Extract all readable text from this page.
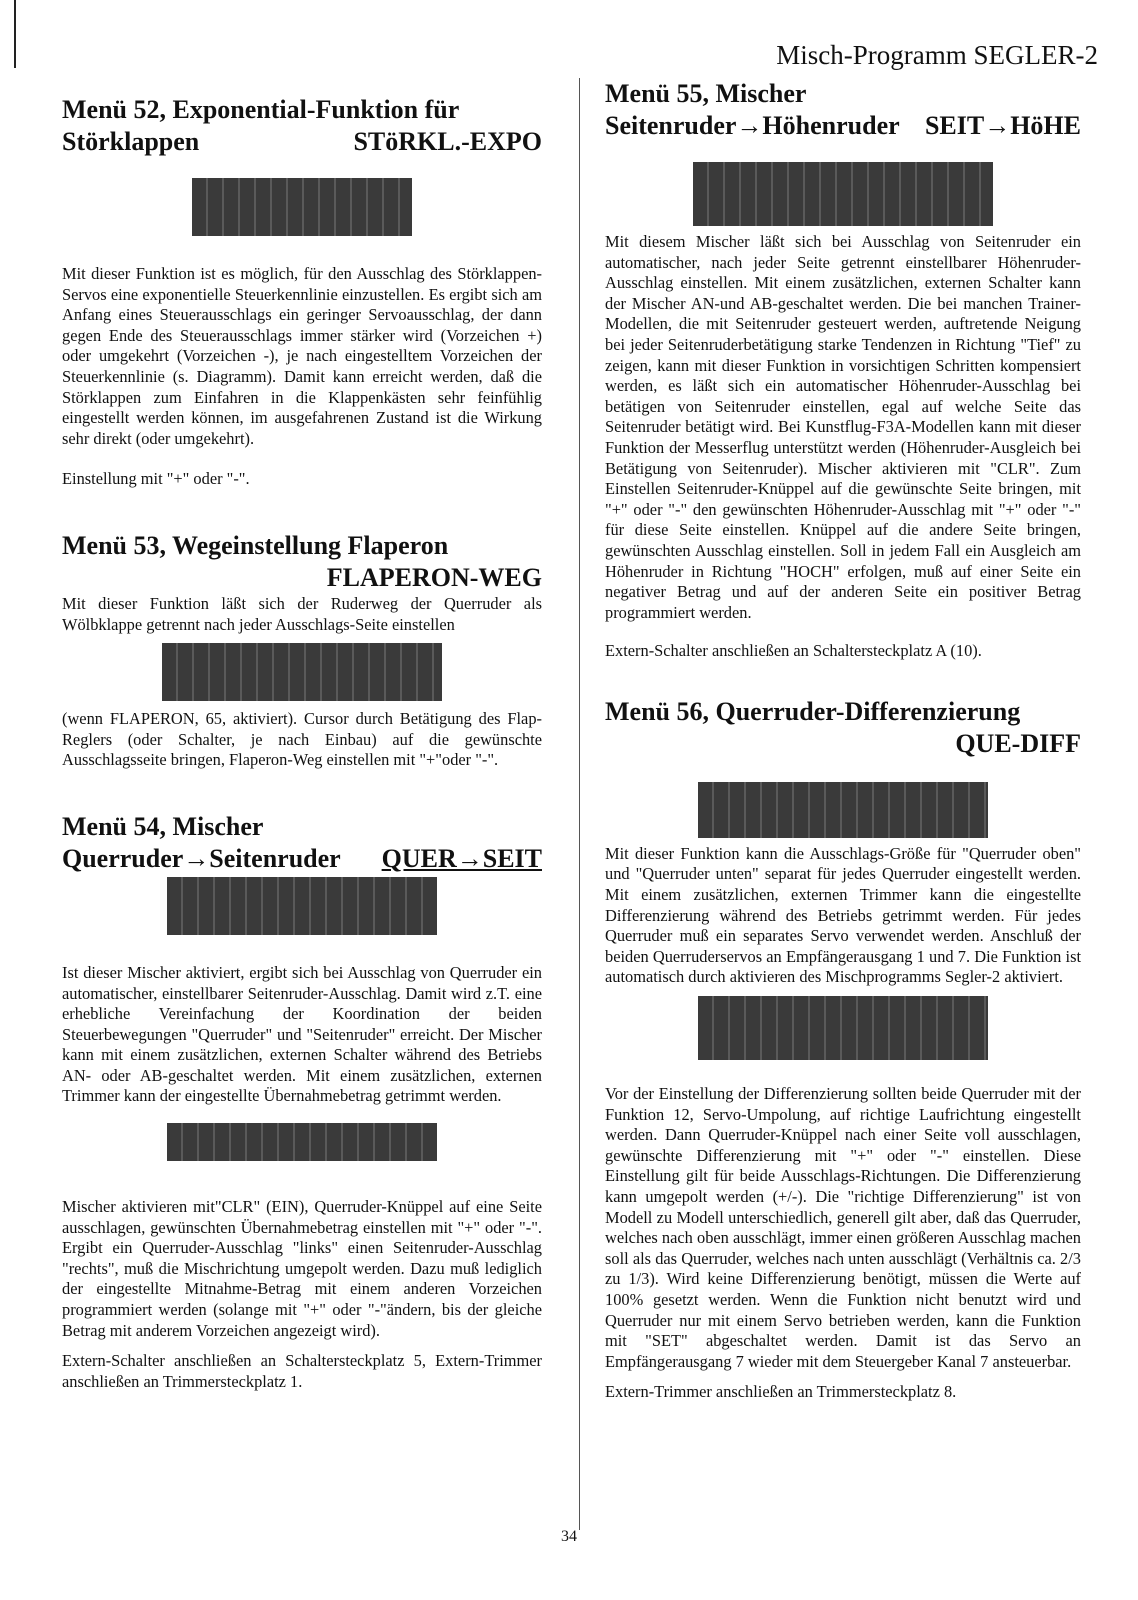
Misch-Programm SEGLER-2
Menü 52, Exponential-Funktion für
Störklappen	STöRKL.-EXPO

Mit dieser Funktion ist es möglich, für den Ausschlag des Störklappen-Servos eine exponentielle Steuerkennlinie einzustellen. Es ergibt sich am Anfang eines Steuerausschlags ein geringer Servoausschlag, der dann gegen Ende des Steuerausschlags immer stärker wird (Vorzeichen +) oder umgekehrt (Vorzeichen -), je nach eingestelltem Vorzeichen der Steuerkennlinie (s. Diagramm). Damit kann erreicht werden, daß die Störklappen zum Einfahren in die Klappenkästen sehr feinfühlig eingestellt werden können, im ausgefahrenen Zustand ist die Wirkung sehr direkt (oder umgekehrt).

Einstellung mit "+" oder "-".

Menü 53, Wegeinstellung Flaperon
FLAPERON-WEG

Mit dieser Funktion läßt sich der Ruderweg der Querruder als Wölbklappe getrennt nach jeder Ausschlags-Seite einstellen

(wenn FLAPERON, 65, aktiviert). Cursor durch Betätigung des Flap-Reglers (oder Schalter, je nach Einbau) auf die gewünschte Ausschlagsseite bringen, Flaperon-Weg einstellen mit "+"oder "-".

Menü 54, Mischer
Querruder→Seitenruder QUER→SEIT

Ist dieser Mischer aktiviert, ergibt sich bei Ausschlag von Querruder ein automatischer, einstellbarer Seitenruder-Ausschlag. Damit wird z.T. eine erhebliche Vereinfachung der Koordination der beiden Steuerbewegungen "Querruder" und "Seitenruder" erreicht. Der Mischer kann mit einem zusätzlichen, externen Schalter während des Betriebs AN- oder AB-geschaltet werden. Mit einem zusätzlichen, externen Trimmer kann der eingestellte Übernahmebetrag getrimmt werden.

Mischer aktivieren mit"CLR" (EIN), Querruder-Knüppel auf eine Seite ausschlagen, gewünschten Übernahmebetrag einstellen mit "+" oder "-". Ergibt ein Querruder-Ausschlag "links" einen Seitenruder-Ausschlag "rechts", muß die Mischrichtung umgepolt werden. Dazu muß lediglich der eingestellte Mitnahme-Betrag mit einem anderen Vorzeichen programmiert werden (solange mit "+" oder "-"ändern, bis der gleiche Betrag mit anderem Vorzeichen angezeigt wird).

Extern-Schalter anschließen an Schaltersteckplatz 5, Extern-Trimmer anschließen an Trimmersteckplatz 1.

Menü 55, Mischer
Seitenruder→Höhenruder SEIT→HöHE

Mit diesem Mischer läßt sich bei Ausschlag von Seitenruder ein automatischer, nach jeder Seite getrennt einstellbarer Höhenruder-Ausschlag einstellen. Mit einem zusätzlichen, externen Schalter kann der Mischer AN-und AB-geschaltet werden. Die bei manchen Trainer-Modellen, die mit Seitenruder gesteuert werden, auftretende Neigung bei jeder Seitenruderbetätigung starke Tendenzen in Richtung "Tief" zu zeigen, kann mit dieser Funktion in vorsichtigen Schritten kompensiert werden, es läßt sich ein automatischer Höhenruder-Ausschlag bei betätigen von Seitenruder einstellen, egal auf welche Seite das Seitenruder betätigt wird. Bei Kunstflug-F3A-Modellen kann mit dieser Funktion der Messerflug unterstützt werden (Höhenruder-Ausgleich bei Betätigung von Seitenruder). Mischer aktivieren mit "CLR". Zum Einstellen Seitenruder-Knüppel auf die gewünschte Seite bringen, mit "+" oder "-" den gewünschten Höhenruder-Ausschlag mit "+" oder "-" für diese Seite einstellen. Knüppel auf die andere Seite bringen, gewünschten Ausschlag einstellen. Soll in jedem Fall ein Ausgleich am Höhenruder in Richtung "HOCH" erfolgen, muß auf einer Seite ein negativer Betrag und auf der anderen Seite ein positiver Betrag programmiert werden.

Extern-Schalter anschließen an Schaltersteckplatz A (10).

Menü 56, Querruder-Differenzierung
QUE-DIFF

Mit dieser Funktion kann die Ausschlags-Größe für "Querruder oben" und "Querruder unten" separat für jedes Querruder eingestellt werden. Mit einem zusätzlichen, externen Trimmer kann die eingestellte Differenzierung während des Betriebs getrimmt werden. Für jedes Querruder muß ein separates Servo verwendet werden. Anschluß der beiden Querruderservos an Empfängerausgang 1 und 7. Die Funktion ist automatisch durch aktivieren des Mischprogramms Segler-2 aktiviert.

Vor der Einstellung der Differenzierung sollten beide Querruder mit der Funktion 12, Servo-Umpolung, auf richtige Laufrichtung eingestellt werden. Dann Querruder-Knüppel nach einer Seite voll ausschlagen, gewünschte Differenzierung mit "+" oder "-" einstellen. Diese Einstellung gilt für beide Ausschlags-Richtungen. Die Differenzierung kann umgepolt werden (+/-). Die "richtige Differenzierung" ist von Modell zu Modell unterschiedlich, generell gilt aber, daß das Querruder, welches nach oben ausschlägt, immer einen größeren Ausschlag machen soll als das Querruder, welches nach unten ausschlägt (Verhältnis ca. 2/3 zu 1/3). Wird keine Differenzierung benötigt, müssen die Werte auf 100% gesetzt werden. Wenn die Funktion nicht benutzt wird und Querruder nur mit einem Servo betrieben werden, kann die Funktion mit "SET" abgeschaltet werden. Damit ist das Servo an Empfängerausgang 7 wieder mit dem Steuergeber Kanal 7 ansteuerbar.

Extern-Trimmer anschließen an Trimmersteckplatz 8.

34
